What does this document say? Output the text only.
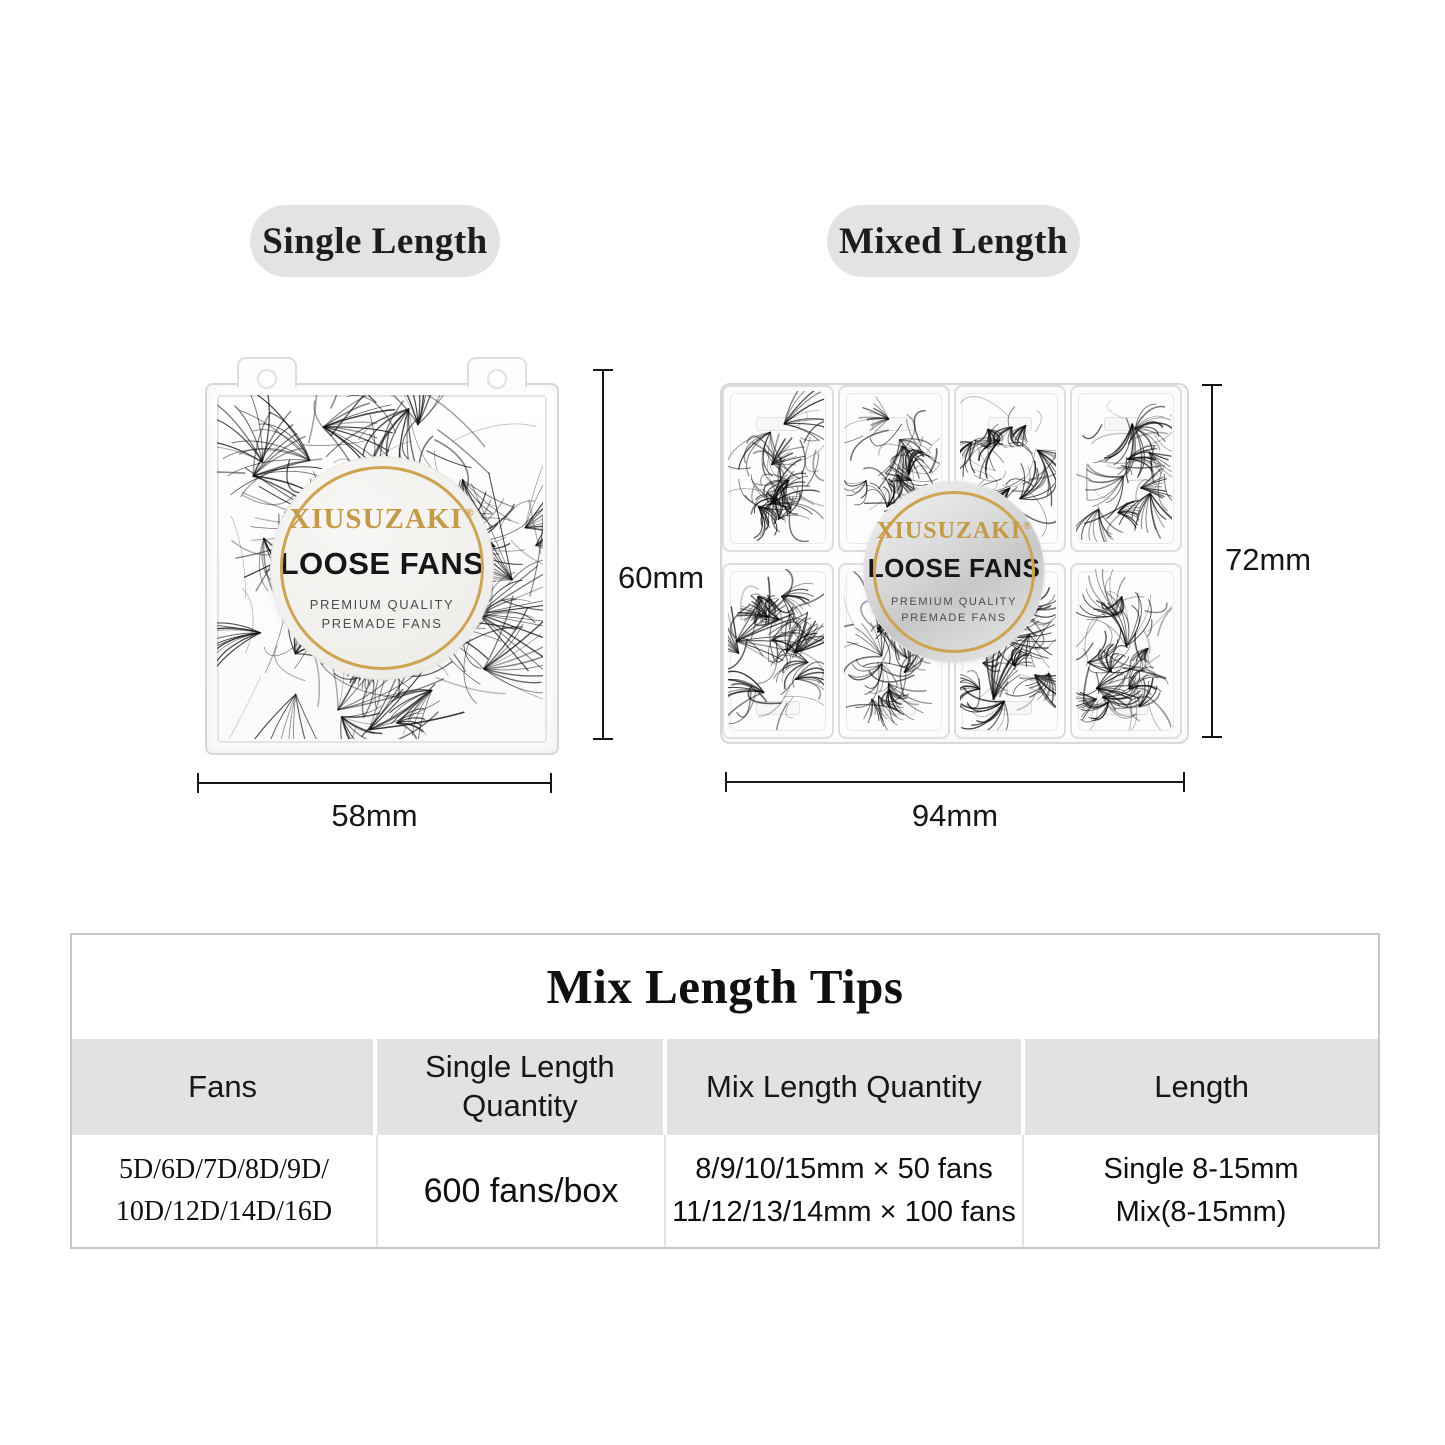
Single Length	Mixed Length
XIUSUZAKI ®
LOOSE FANS
PREMIUM QUALITY
PREMADE FANS
XIUSUZAKI ®
LOOSE FANS
PREMIUM QUALITY
PREMADE FANS
60mm
58mm
72mm
94mm
Mix Length Tips
Fans
Single Length Quantity
Mix Length Quantity	Length
5D/6D/7D/8D/9D/
10D/12D/14D/16D
600 fans/box
8/9/10/15mm × 50 fans
11/12/13/14mm × 100 fans
Single 8-15mm
Mix(8-15mm)
